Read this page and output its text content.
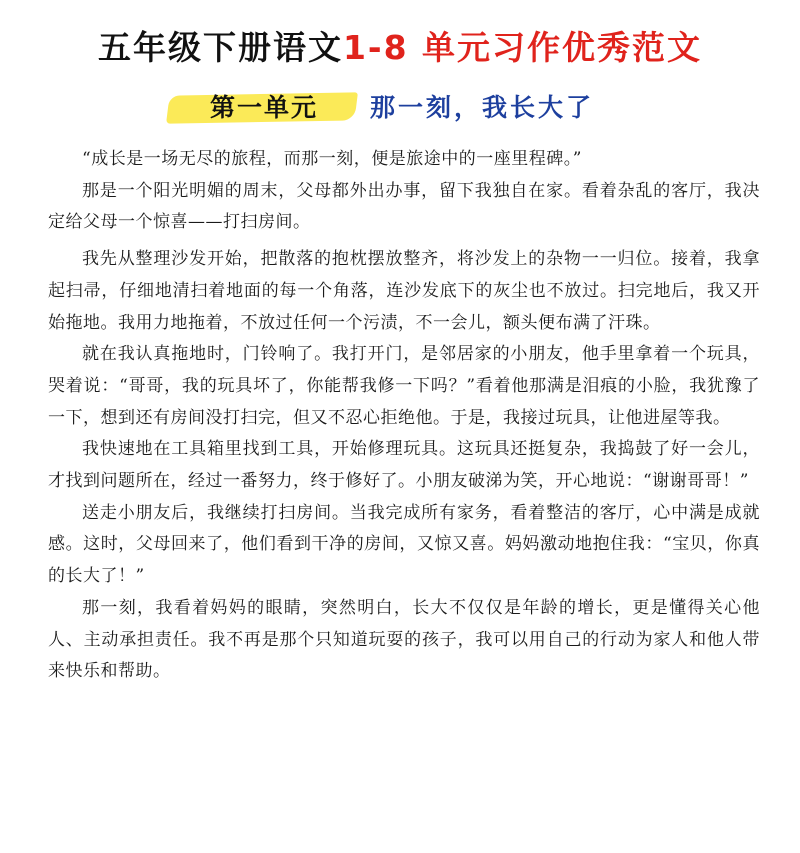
五年级下册语文1-8 单元习作优秀范文
第一单元 那一刻，我长大了

“成长是一场无尽的旅程，而那一刻，便是旅途中的一座里程碑。”

那是一个阳光明媚的周末，父母都外出办事，留下我独自在家。看着杂乱的客厅，我决定给父母一个惊喜——打扫房间。

我先从整理沙发开始，把散落的抱枕摆放整齐，将沙发上的杂物一一归位。接着，我拿起扫帚，仔细地清扫着地面的每一个角落，连沙发底下的灰尘也不放过。扫完地后，我又开始拖地。我用力地拖着，不放过任何一个污渍，不一会儿，额头便布满了汗珠。

就在我认真拖地时，门铃响了。我打开门，是邻居家的小朋友，他手里拿着一个玩具，哭着说：“哥哥，我的玩具坏了，你能帮我修一下吗？”看着他那满是泪痕的小脸，我犹豫了一下，想到还有房间没打扫完，但又不忍心拒绝他。于是，我接过玩具，让他进屋等我。

我快速地在工具箱里找到工具，开始修理玩具。这玩具还挺复杂，我捣鼓了好一会儿，才找到问题所在，经过一番努力，终于修好了。小朋友破涕为笑，开心地说：“谢谢哥哥！”

送走小朋友后，我继续打扫房间。当我完成所有家务，看着整洁的客厅，心中满是成就感。这时，父母回来了，他们看到干净的房间，又惊又喜。妈妈激动地抱住我：“宝贝，你真的长大了！”

那一刻，我看着妈妈的眼睛，突然明白，长大不仅仅是年龄的增长，更是懂得关心他人、主动承担责任。我不再是那个只知道玩耍的孩子，我可以用自己的行动为家人和他人带来快乐和帮助。
